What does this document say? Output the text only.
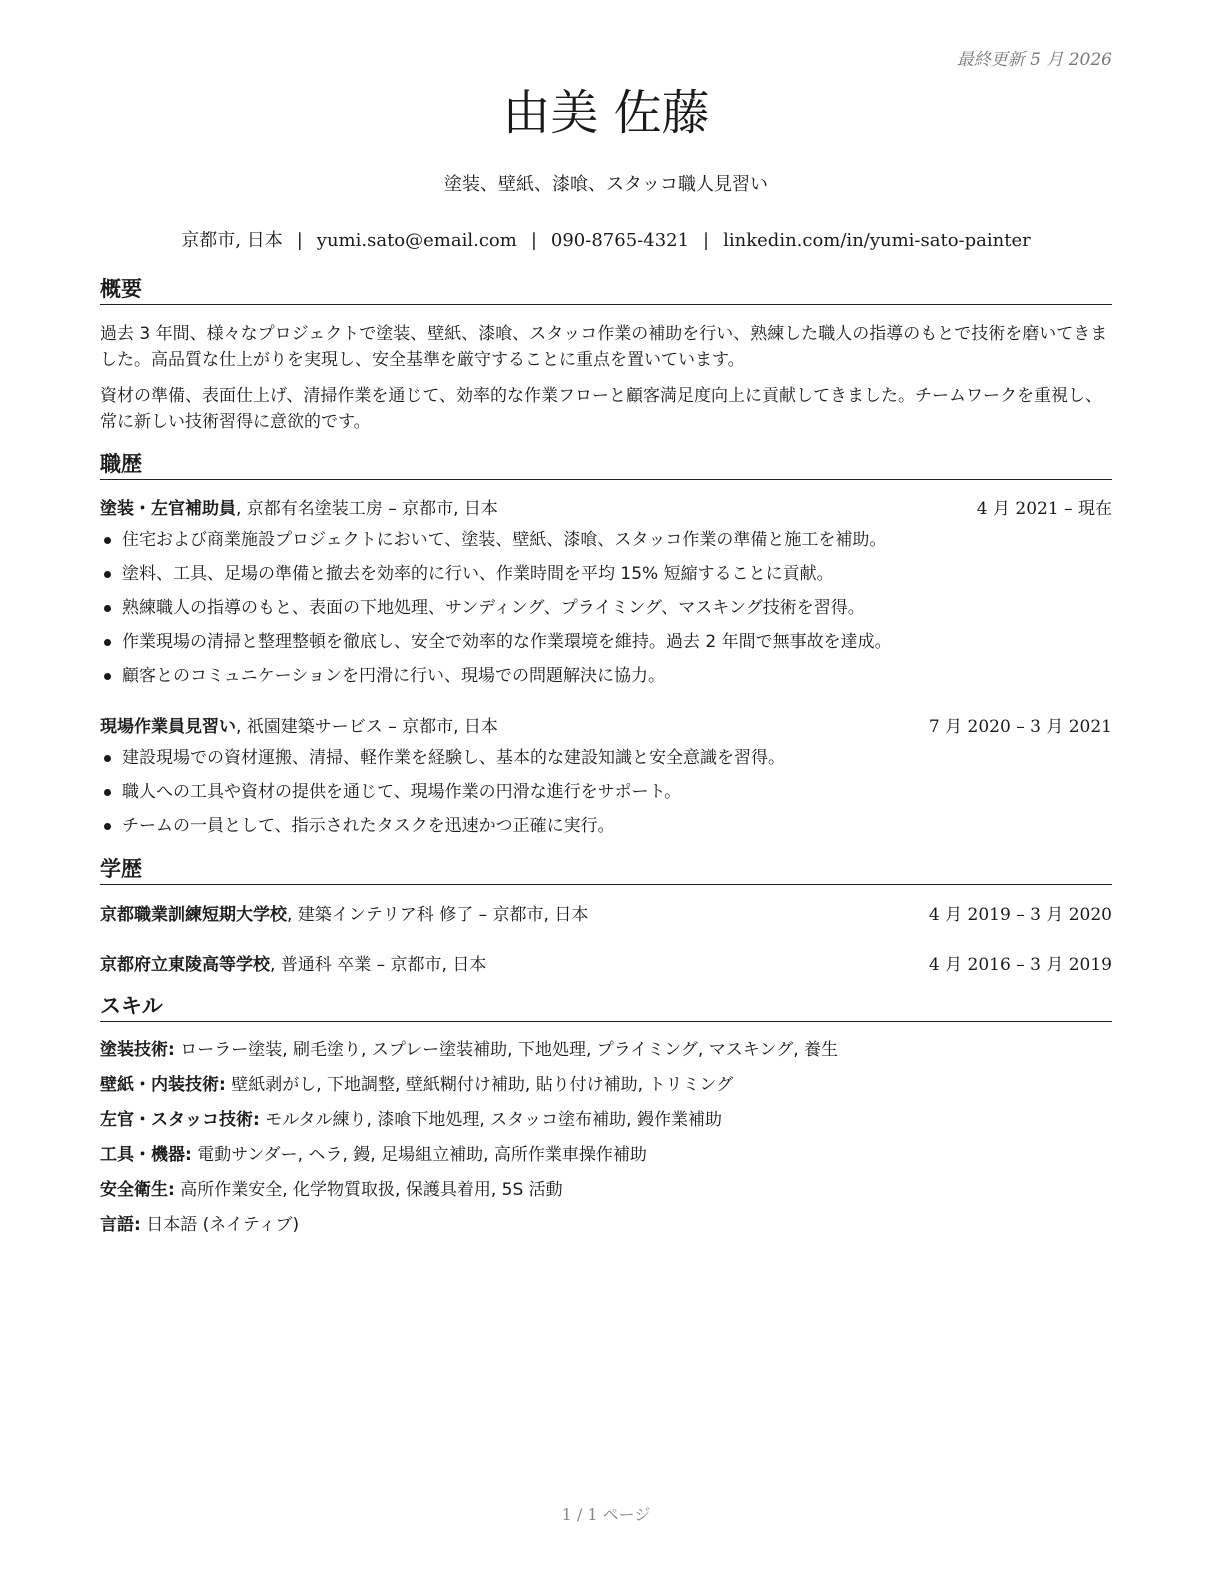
最終更新 5 月 2026
由美 佐藤
塗装、壁紙、漆喰、スタッコ職人見習い
京都市, 日本 | yumi.sato@email.com | 090-8765-4321 | linkedin.com/in/yumi-sato-painter
概要

過去 3 年間、様々なプロジェクトで塗装、壁紙、漆喰、スタッコ作業の補助を行い、熟練した職人の指導のもとで技術を磨いてきました。高品質な仕上がりを実現し、安全基準を厳守することに重点を置いています。

資材の準備、表面仕上げ、清掃作業を通じて、効率的な作業フローと顧客満足度向上に貢献してきました。チームワークを重視し、常に新しい技術習得に意欲的です。

職歴
塗装・左官補助員, 京都有名塗装工房 – 京都市, 日本	4 月 2021 – 現在
住宅および商業施設プロジェクトにおいて、塗装、壁紙、漆喰、スタッコ作業の準備と施工を補助。
塗料、工具、足場の準備と撤去を効率的に行い、作業時間を平均 15% 短縮することに貢献。
熟練職人の指導のもと、表面の下地処理、サンディング、プライミング、マスキング技術を習得。
作業現場の清掃と整理整頓を徹底し、安全で効率的な作業環境を維持。過去 2 年間で無事故を達成。
顧客とのコミュニケーションを円滑に行い、現場での問題解決に協力。
現場作業員見習い, 祇園建築サービス – 京都市, 日本	7 月 2020 – 3 月 2021
建設現場での資材運搬、清掃、軽作業を経験し、基本的な建設知識と安全意識を習得。
職人への工具や資材の提供を通じて、現場作業の円滑な進行をサポート。
チームの一員として、指示されたタスクを迅速かつ正確に実行。
学歴
京都職業訓練短期大学校, 建築インテリア科 修了 – 京都市, 日本	4 月 2019 – 3 月 2020
京都府立東陵高等学校, 普通科 卒業 – 京都市, 日本	4 月 2016 – 3 月 2019
スキル
塗装技術: ローラー塗装, 刷毛塗り, スプレー塗装補助, 下地処理, プライミング, マスキング, 養生
壁紙・内装技術: 壁紙剥がし, 下地調整, 壁紙糊付け補助, 貼り付け補助, トリミング
左官・スタッコ技術: モルタル練り, 漆喰下地処理, スタッコ塗布補助, 鏝作業補助
工具・機器: 電動サンダー, ヘラ, 鏝, 足場組立補助, 高所作業車操作補助
安全衛生: 高所作業安全, 化学物質取扱, 保護具着用, 5S 活動
言語: 日本語 (ネイティブ)
1 / 1 ページ
